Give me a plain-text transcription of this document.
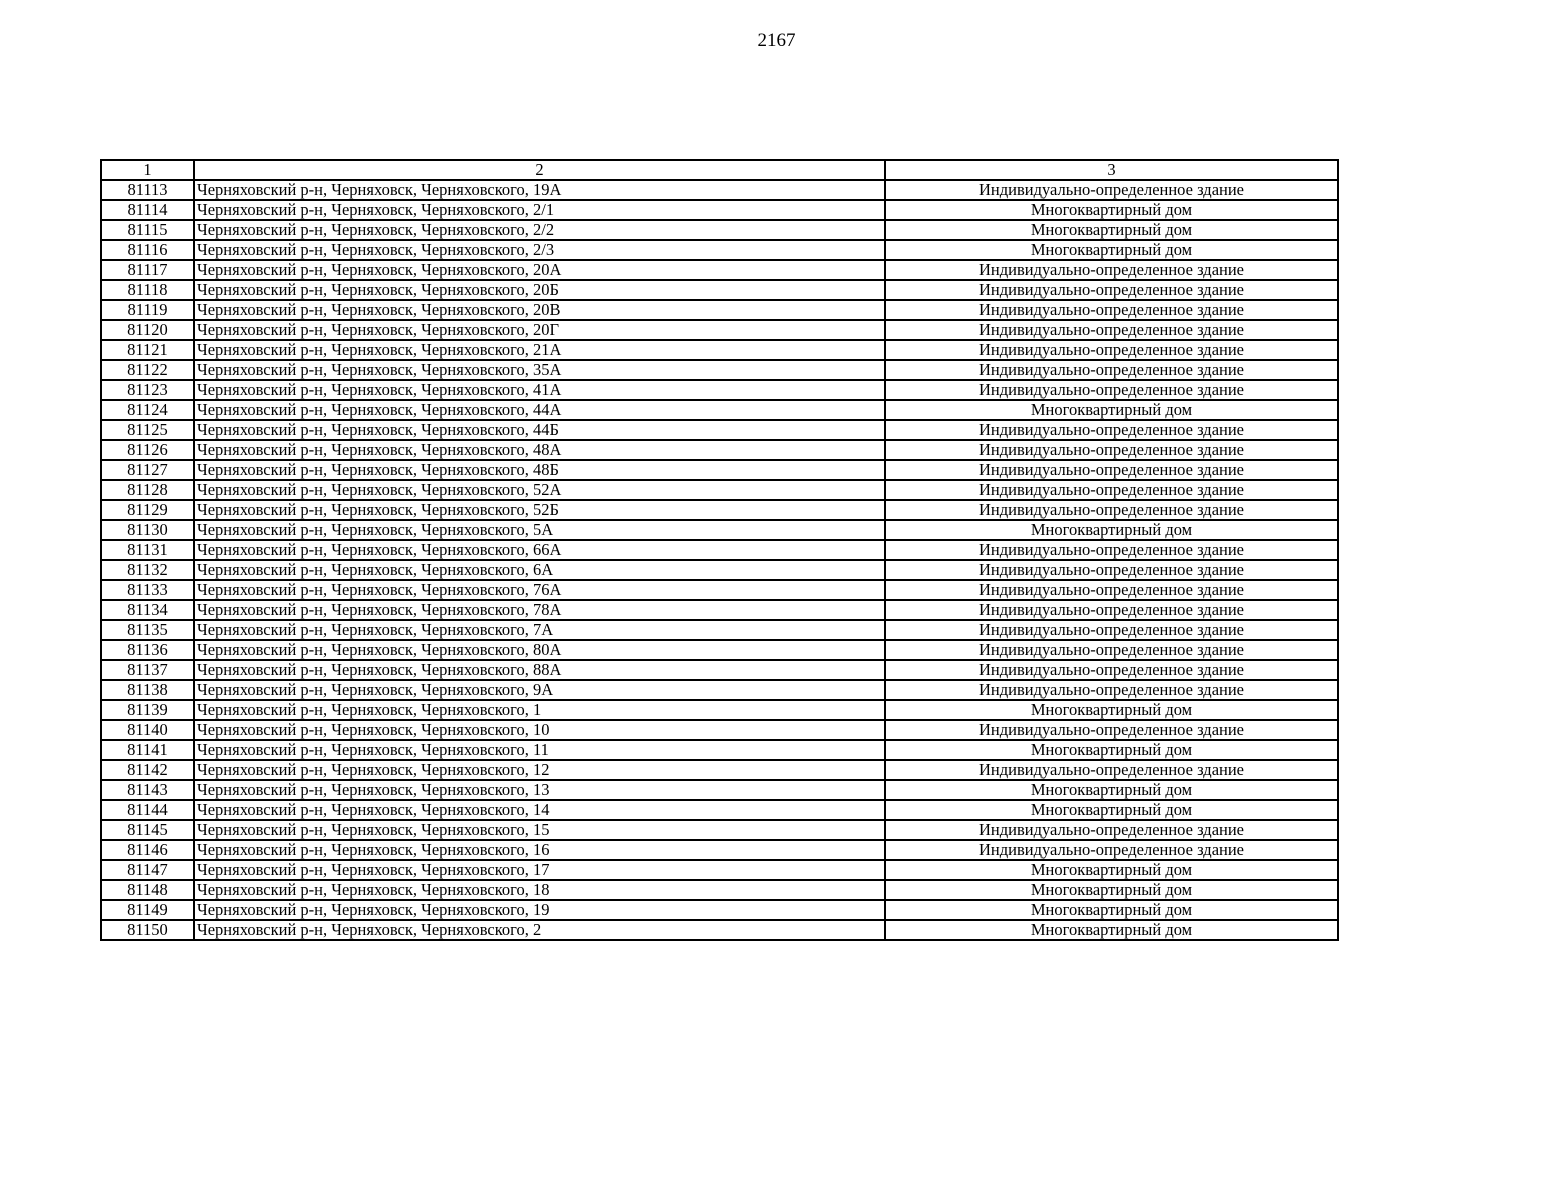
2167
1	2	3
81113	Черняховский р-н, Черняховск, Черняховского, 19А	Индивидуально-определенное здание
81114	Черняховский р-н, Черняховск, Черняховского, 2/1	Многоквартирный дом
81115	Черняховский р-н, Черняховск, Черняховского, 2/2	Многоквартирный дом
81116	Черняховский р-н, Черняховск, Черняховского, 2/3	Многоквартирный дом
81117	Черняховский р-н, Черняховск, Черняховского, 20А	Индивидуально-определенное здание
81118	Черняховский р-н, Черняховск, Черняховского, 20Б	Индивидуально-определенное здание
81119	Черняховский р-н, Черняховск, Черняховского, 20В	Индивидуально-определенное здание
81120	Черняховский р-н, Черняховск, Черняховского, 20Г	Индивидуально-определенное здание
81121	Черняховский р-н, Черняховск, Черняховского, 21А	Индивидуально-определенное здание
81122	Черняховский р-н, Черняховск, Черняховского, 35А	Индивидуально-определенное здание
81123	Черняховский р-н, Черняховск, Черняховского, 41А	Индивидуально-определенное здание
81124	Черняховский р-н, Черняховск, Черняховского, 44А	Многоквартирный дом
81125	Черняховский р-н, Черняховск, Черняховского, 44Б	Индивидуально-определенное здание
81126	Черняховский р-н, Черняховск, Черняховского, 48А	Индивидуально-определенное здание
81127	Черняховский р-н, Черняховск, Черняховского, 48Б	Индивидуально-определенное здание
81128	Черняховский р-н, Черняховск, Черняховского, 52А	Индивидуально-определенное здание
81129	Черняховский р-н, Черняховск, Черняховского, 52Б	Индивидуально-определенное здание
81130	Черняховский р-н, Черняховск, Черняховского, 5А	Многоквартирный дом
81131	Черняховский р-н, Черняховск, Черняховского, 66А	Индивидуально-определенное здание
81132	Черняховский р-н, Черняховск, Черняховского, 6А	Индивидуально-определенное здание
81133	Черняховский р-н, Черняховск, Черняховского, 76А	Индивидуально-определенное здание
81134	Черняховский р-н, Черняховск, Черняховского, 78А	Индивидуально-определенное здание
81135	Черняховский р-н, Черняховск, Черняховского, 7А	Индивидуально-определенное здание
81136	Черняховский р-н, Черняховск, Черняховского, 80А	Индивидуально-определенное здание
81137	Черняховский р-н, Черняховск, Черняховского, 88А	Индивидуально-определенное здание
81138	Черняховский р-н, Черняховск, Черняховского, 9А	Индивидуально-определенное здание
81139	Черняховский р-н, Черняховск, Черняховского, 1	Многоквартирный дом
81140	Черняховский р-н, Черняховск, Черняховского, 10	Индивидуально-определенное здание
81141	Черняховский р-н, Черняховск, Черняховского, 11	Многоквартирный дом
81142	Черняховский р-н, Черняховск, Черняховского, 12	Индивидуально-определенное здание
81143	Черняховский р-н, Черняховск, Черняховского, 13	Многоквартирный дом
81144	Черняховский р-н, Черняховск, Черняховского, 14	Многоквартирный дом
81145	Черняховский р-н, Черняховск, Черняховского, 15	Индивидуально-определенное здание
81146	Черняховский р-н, Черняховск, Черняховского, 16	Индивидуально-определенное здание
81147	Черняховский р-н, Черняховск, Черняховского, 17	Многоквартирный дом
81148	Черняховский р-н, Черняховск, Черняховского, 18	Многоквартирный дом
81149	Черняховский р-н, Черняховск, Черняховского, 19	Многоквартирный дом
81150	Черняховский р-н, Черняховск, Черняховского, 2	Многоквартирный дом
